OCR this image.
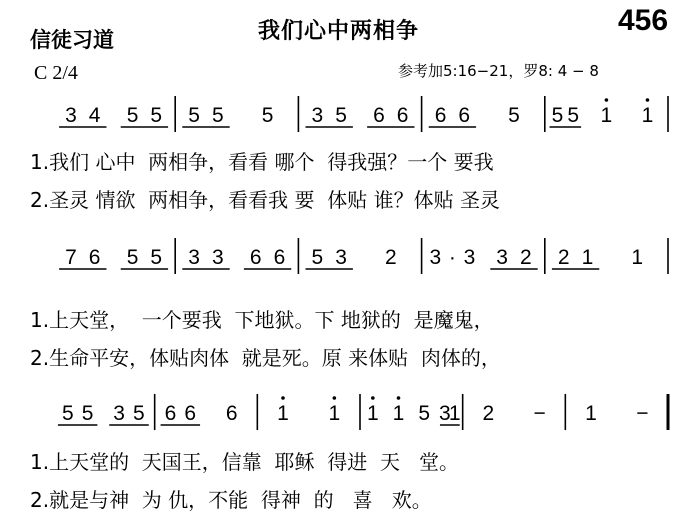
信徒习道	我们心中两相争	456
C 2/4	参考加5:16−21，罗8: 4 − 8
3 4 5 5 5 5 5 3 5 6 6 6 6 5 5 5 1 1
7 6 5 5 3 3 6 6 5 3 2 3 · 3 3 2 2 1 1
5 5 3 5 6 6 6 1 1 1 1 5 3
1 2 − 1 −
1.我们 心中  两相争，看看 哪个  得我强？一个 要我
2.圣灵 情欲  两相争，看看我 要  体贴 谁？体贴 圣灵
1.上天堂，  一个要我  下地狱。下 地狱的  是魔鬼，
2.生命平安，体贴肉体  就是死。原 来体贴  肉体的，
1.上天堂的  天国王，信靠  耶稣  得进  天   堂。
2.就是与神  为 仇，不能  得神  的   喜   欢。
